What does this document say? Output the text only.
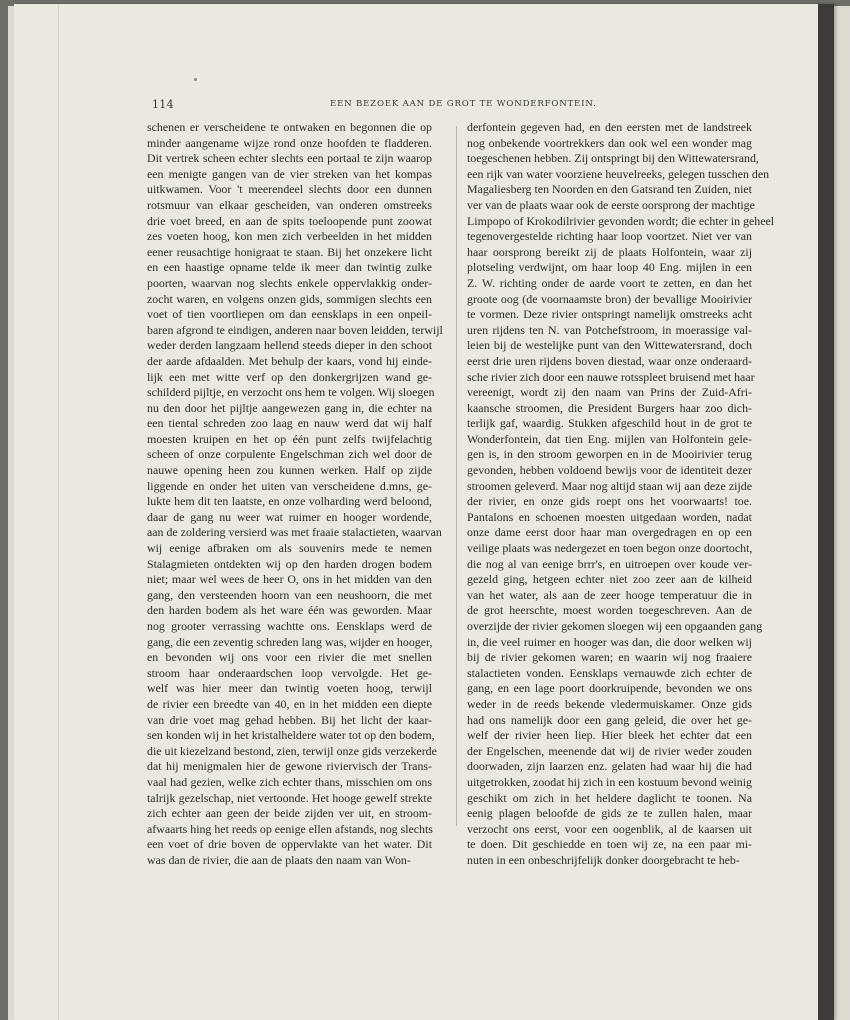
114	EEN BEZOEK AAN DE GROT TE WONDERFONTEIN.
schenen er verscheidene te ontwaken en begonnen die op
minder aangename wijze rond onze hoofden te fladderen.
Dit vertrek scheen echter slechts een portaal te zijn waarop
een menigte gangen van de vier streken van het kompas
uitkwamen. Voor 't meerendeel slechts door een dunnen
rotsmuur van elkaar gescheiden, van onderen omstreeks
drie voet breed, en aan de spits toeloopende punt zoowat
zes voeten hoog, kon men zich verbeelden in het midden
eener reusachtige honigraat te staan. Bij het onzekere licht
en een haastige opname telde ik meer dan twintig zulke
poorten, waarvan nog slechts enkele oppervlakkig onder-
zocht waren, en volgens onzen gids, sommigen slechts een
voet of tien voortliepen om dan eensklaps in een onpeil-
baren afgrond te eindigen, anderen naar boven leidden, terwijl
weder derden langzaam hellend steeds dieper in den schoot
der aarde afdaalden. Met behulp der kaars, vond hij einde-
lijk een met witte verf op den donkergrijzen wand ge-
schilderd pijltje, en verzocht ons hem te volgen. Wij sloegen
nu den door het pijltje aangewezen gang in, die echter na
een tiental schreden zoo laag en nauw werd dat wij half
moesten kruipen en het op één punt zelfs twijfelachtig
scheen of onze corpulente Engelschman zich wel door de
nauwe opening heen zou kunnen werken. Half op zijde
liggende en onder het uiten van verscheidene d.mns, ge-
lukte hem dit ten laatste, en onze volharding werd beloond,
daar de gang nu weer wat ruimer en hooger wordende,
aan de zoldering versierd was met fraaie stalactieten, waarvan
wij eenige afbraken om als souvenirs mede te nemen
Stalagmieten ontdekten wij op den harden drogen bodem
niet; maar wel wees de heer O, ons in het midden van den
gang, den versteenden hoorn van een neushoorn, die met
den harden bodem als het ware één was geworden. Maar
nog grooter verrassing wachtte ons. Eensklaps werd de
gang, die een zeventig schreden lang was, wijder en hooger,
en bevonden wij ons voor een rivier die met snellen
stroom haar onderaardschen loop vervolgde. Het ge-
welf was hier meer dan twintig voeten hoog, terwijl
de rivier een breedte van 40, en in het midden een diepte
van drie voet mag gehad hebben. Bij het licht der kaar-
sen konden wij in het kristalheldere water tot op den bodem,
die uit kiezelzand bestond, zien, terwijl onze gids verzekerde
dat hij menigmalen hier de gewone riviervisch der Trans-
vaal had gezien, welke zich echter thans, misschien om ons
talrijk gezelschap, niet vertoonde. Het hooge gewelf strekte
zich echter aan geen der beide zijden ver uit, en stroom-
afwaarts hing het reeds op eenige ellen afstands, nog slechts
een voet of drie boven de oppervlakte van het water. Dit
was dan de rivier, die aan de plaats den naam van Won-
derfontein gegeven had, en den eersten met de landstreek
nog onbekende voortrekkers dan ook wel een wonder mag
toegeschenen hebben. Zij ontspringt bij den Wittewatersrand,
een rijk van water voorziene heuvelreeks, gelegen tusschen den
Magaliesberg ten Noorden en den Gatsrand ten Zuiden, niet
ver van de plaats waar ook de eerste oorsprong der machtige
Limpopo of Krokodilrivier gevonden wordt; die echter in geheel
tegenovergestelde richting haar loop voortzet. Niet ver van
haar oorsprong bereikt zij de plaats Holfontein, waar zij
plotseling verdwijnt, om haar loop 40 Eng. mijlen in een
Z. W. richting onder de aarde voort te zetten, en dan het
groote oog (de voornaamste bron) der bevallige Mooirivier
te vormen. Deze rivier ontspringt namelijk omstreeks acht
uren rijdens ten N. van Potchefstroom, in moerassige val-
leien bij de westelijke punt van den Wittewatersrand, doch
eerst drie uren rijdens boven diestad, waar onze onderaard-
sche rivier zich door een nauwe rotsspleet bruisend met haar
vereenigt, wordt zij den naam van Prins der Zuid-Afri-
kaansche stroomen, die President Burgers haar zoo dich-
terlijk gaf, waardig. Stukken afgeschild hout in de grot te
Wonderfontein, dat tien Eng. mijlen van Holfontein gele-
gen is, in den stroom geworpen en in de Mooirivier terug
gevonden, hebben voldoend bewijs voor de identiteit dezer
stroomen geleverd. Maar nog altijd staan wij aan deze zijde
der rivier, en onze gids roept ons het voorwaarts! toe.
Pantalons en schoenen moesten uitgedaan worden, nadat
onze dame eerst door haar man overgedragen en op een
veilige plaats was nedergezet en toen begon onze doortocht,
die nog al van eenige brrr's, en uitroepen over koude ver-
gezeld ging, hetgeen echter niet zoo zeer aan de kilheid
van het water, als aan de zeer hooge temperatuur die in
de grot heerschte, moest worden toegeschreven. Aan de
overzijde der rivier gekomen sloegen wij een opgaanden gang
in, die veel ruimer en hooger was dan, die door welken wij
bij de rivier gekomen waren; en waarin wij nog fraaiere
stalactieten vonden. Eensklaps vernauwde zich echter de
gang, en een lage poort doorkruipende, bevonden we ons
weder in de reeds bekende vledermuiskamer. Onze gids
had ons namelijk door een gang geleid, die over het ge-
welf der rivier heen liep. Hier bleek het echter dat een
der Engelschen, meenende dat wij de rivier weder zouden
doorwaden, zijn laarzen enz. gelaten had waar hij die had
uitgetrokken, zoodat hij zich in een kostuum bevond weinig
geschikt om zich in het heldere daglicht te toonen. Na
eenig plagen beloofde de gids ze te zullen halen, maar
verzocht ons eerst, voor een oogenblik, al de kaarsen uit
te doen. Dit geschiedde en toen wij ze, na een paar mi-
nuten in een onbeschrijfelijk donker doorgebracht te heb-
